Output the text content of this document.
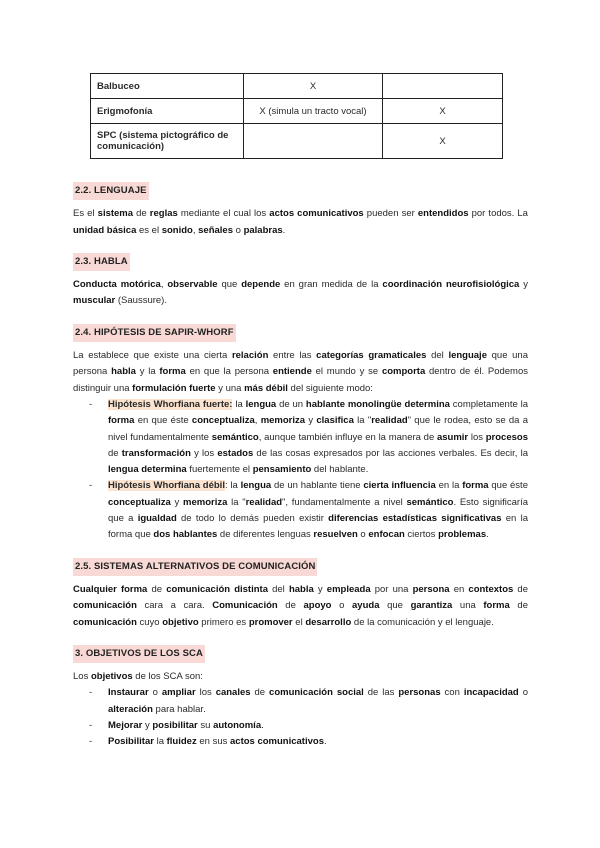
Balbuceo	X	
Erigmofonía	X (simula un tracto vocal)	X
SPC (sistema pictográfico de comunicación)		X
2.2. LENGUAJE

Es el sistema de reglas mediante el cual los actos comunicativos pueden ser entendidos por todos. La unidad básica es el sonido, señales o palabras.

2.3. HABLA

Conducta motórica, observable que depende en gran medida de la coordinación neurofisiológica y muscular (Saussure).

2.4. HIPÓTESIS DE SAPIR-WHORF

La establece que existe una cierta relación entre las categorías gramaticales del lenguaje que una persona habla y la forma en que la persona entiende el mundo y se comporta dentro de él. Podemos distinguir una formulación fuerte y una más débil del siguiente modo:

- Hipótesis Whorfiana fuerte: la lengua de un hablante monolingüe determina completamente la forma en que éste conceptualiza, memoriza y clasifica la "realidad" que le rodea, esto se da a nivel fundamentalmente semántico, aunque también influye en la manera de asumir los procesos de transformación y los estados de las cosas expresados por las acciones verbales. Es decir, la lengua determina fuertemente el pensamiento del hablante.
- Hipótesis Whorfiana débil: la lengua de un hablante tiene cierta influencia en la forma que éste conceptualiza y memoriza la "realidad", fundamentalmente a nivel semántico. Esto significaría que a igualdad de todo lo demás pueden existir diferencias estadísticas significativas en la forma que dos hablantes de diferentes lenguas resuelven o enfocan ciertos problemas.
2.5. SISTEMAS ALTERNATIVOS DE COMUNICACIÓN

Cualquier forma de comunicación distinta del habla y empleada por una persona en contextos de comunicación cara a cara. Comunicación de apoyo o ayuda que garantiza una forma de comunicación cuyo objetivo primero es promover el desarrollo de la comunicación y el lenguaje.

3. OBJETIVOS DE LOS SCA

Los objetivos de los SCA son:

- Instaurar o ampliar los canales de comunicación social de las personas con incapacidad o alteración para hablar.
- Mejorar y posibilitar su autonomía.
- Posibilitar la fluidez en sus actos comunicativos.
